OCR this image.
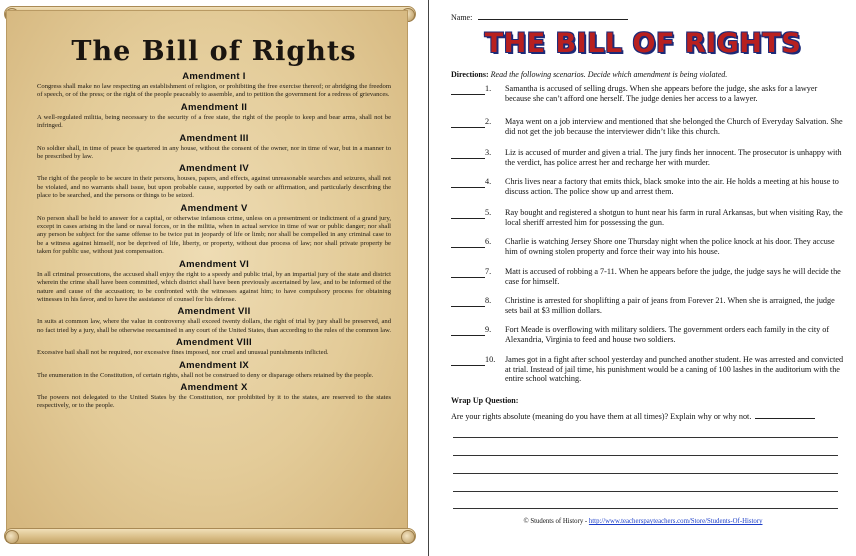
The Bill of Rights
Amendment I
Congress shall make no law respecting an establishment of religion, or prohibiting the free exercise thereof; or abridging the freedom of speech, or of the press; or the right of the people peaceably to assemble, and to petition the government for a redress of grievances.
Amendment II
A well-regulated militia, being necessary to the security of a free state, the right of the people to keep and bear arms, shall not be infringed.
Amendment III
No soldier shall, in time of peace be quartered in any house, without the consent of the owner, nor in time of war, but in a manner to be prescribed by law.
Amendment IV
The right of the people to be secure in their persons, houses, papers, and effects, against unreasonable searches and seizures, shall not be violated, and no warrants shall issue, but upon probable cause, supported by oath or affirmation, and particularly describing the place to be searched, and the persons or things to be seized.
Amendment V
No person shall be held to answer for a capital, or otherwise infamous crime, unless on a presentment or indictment of a grand jury, except in cases arising in the land or naval forces, or in the militia, when in actual service in time of war or public danger; nor shall any person be subject for the same offense to be twice put in jeopardy of life or limb; nor shall be compelled in any criminal case to be a witness against himself, nor be deprived of life, liberty, or property, without due process of law; nor shall private property be taken for public use, without just compensation.
Amendment VI
In all criminal prosecutions, the accused shall enjoy the right to a speedy and public trial, by an impartial jury of the state and district wherein the crime shall have been committed, which district shall have been previously ascertained by law, and to be informed of the nature and cause of the accusation; to be confronted with the witnesses against him; to have compulsory process for obtaining witnesses in his favor, and to have the assistance of counsel for his defense.
Amendment VII
In suits at common law, where the value in controversy shall exceed twenty dollars, the right of trial by jury shall be preserved, and no fact tried by a jury, shall be otherwise reexamined in any court of the United States, than according to the rules of the common law.
Amendment VIII
Excessive bail shall not be required, nor excessive fines imposed, nor cruel and unusual punishments inflicted.
Amendment IX
The enumeration in the Constitution, of certain rights, shall not be construed to deny or disparage others retained by the people.
Amendment X
The powers not delegated to the United States by the Constitution, nor prohibited by it to the states, are reserved to the states respectively, or to the people.
Name:
THE BILL OF RIGHTS
Directions: Read the following scenarios. Decide which amendment is being violated.
1. Samantha is accused of selling drugs. When she appears before the judge, she asks for a lawyer because she can’t afford one herself. The judge denies her access to a lawyer.
2. Maya went on a job interview and mentioned that she belonged the Church of Everyday Salvation. She did not get the job because the interviewer didn’t like this church.
3. Liz is accused of murder and given a trial. The jury finds her innocent. The prosecutor is unhappy with the verdict, has police arrest her and recharge her with murder.
4. Chris lives near a factory that emits thick, black smoke into the air. He holds a meeting at his house to discuss action. The police show up and arrest them.
5. Ray bought and registered a shotgun to hunt near his farm in rural Arkansas, but when visiting Ray, the local sheriff arrested him for possessing the gun.
6. Charlie is watching Jersey Shore one Thursday night when the police knock at his door. They accuse him of owning stolen property and force their way into his house.
7. Matt is accused of robbing a 7-11. When he appears before the judge, the judge says he will decide the case for himself.
8. Christine is arrested for shoplifting a pair of jeans from Forever 21. When she is arraigned, the judge sets bail at $3 million dollars.
9. Fort Meade is overflowing with military soldiers. The government orders each family in the city of Alexandria, Virginia to feed and house two soldiers.
10. James got in a fight after school yesterday and punched another student. He was arrested and convicted at trial. Instead of jail time, his punishment would be a caning of 100 lashes in the auditorium with the entire school watching.
Wrap Up Question:
Are your rights absolute (meaning do you have them at all times)? Explain why or why not.
© Students of History - http://www.teacherspayteachers.com/Store/Students-Of-History
